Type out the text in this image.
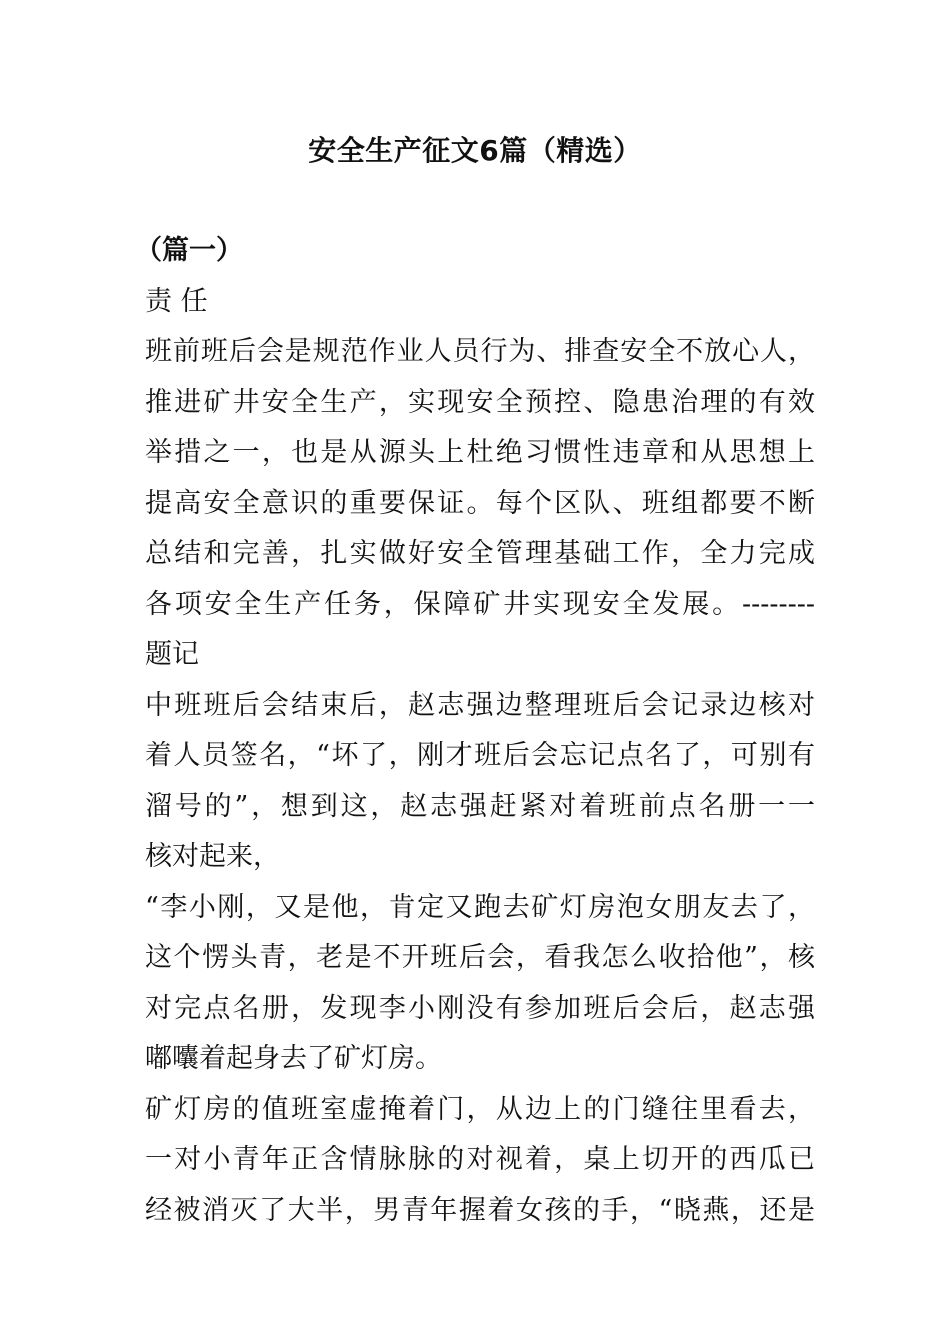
安全生产征文6篇（精选）
（篇一）
责 任
班前班后会是规范作业人员行为、排查安全不放心人，
推进矿井安全生产，实现安全预控、隐患治理的有效
举措之一，也是从源头上杜绝习惯性违章和从思想上
提高安全意识的重要保证。每个区队、班组都要不断
总结和完善，扎实做好安全管理基础工作，全力完成
各项安全生产任务，保障矿井实现安全发展。--------
题记
中班班后会结束后，赵志强边整理班后会记录边核对
着人员签名，“坏了，刚才班后会忘记点名了，可别有
溜号的”，想到这，赵志强赶紧对着班前点名册一一
核对起来，
“李小刚，又是他，肯定又跑去矿灯房泡女朋友去了，
这个愣头青，老是不开班后会，看我怎么收拾他”，核
对完点名册，发现李小刚没有参加班后会后，赵志强
嘟囔着起身去了矿灯房。
矿灯房的值班室虚掩着门，从边上的门缝往里看去，
一对小青年正含情脉脉的对视着，桌上切开的西瓜已
经被消灭了大半，男青年握着女孩的手，“晓燕，还是
